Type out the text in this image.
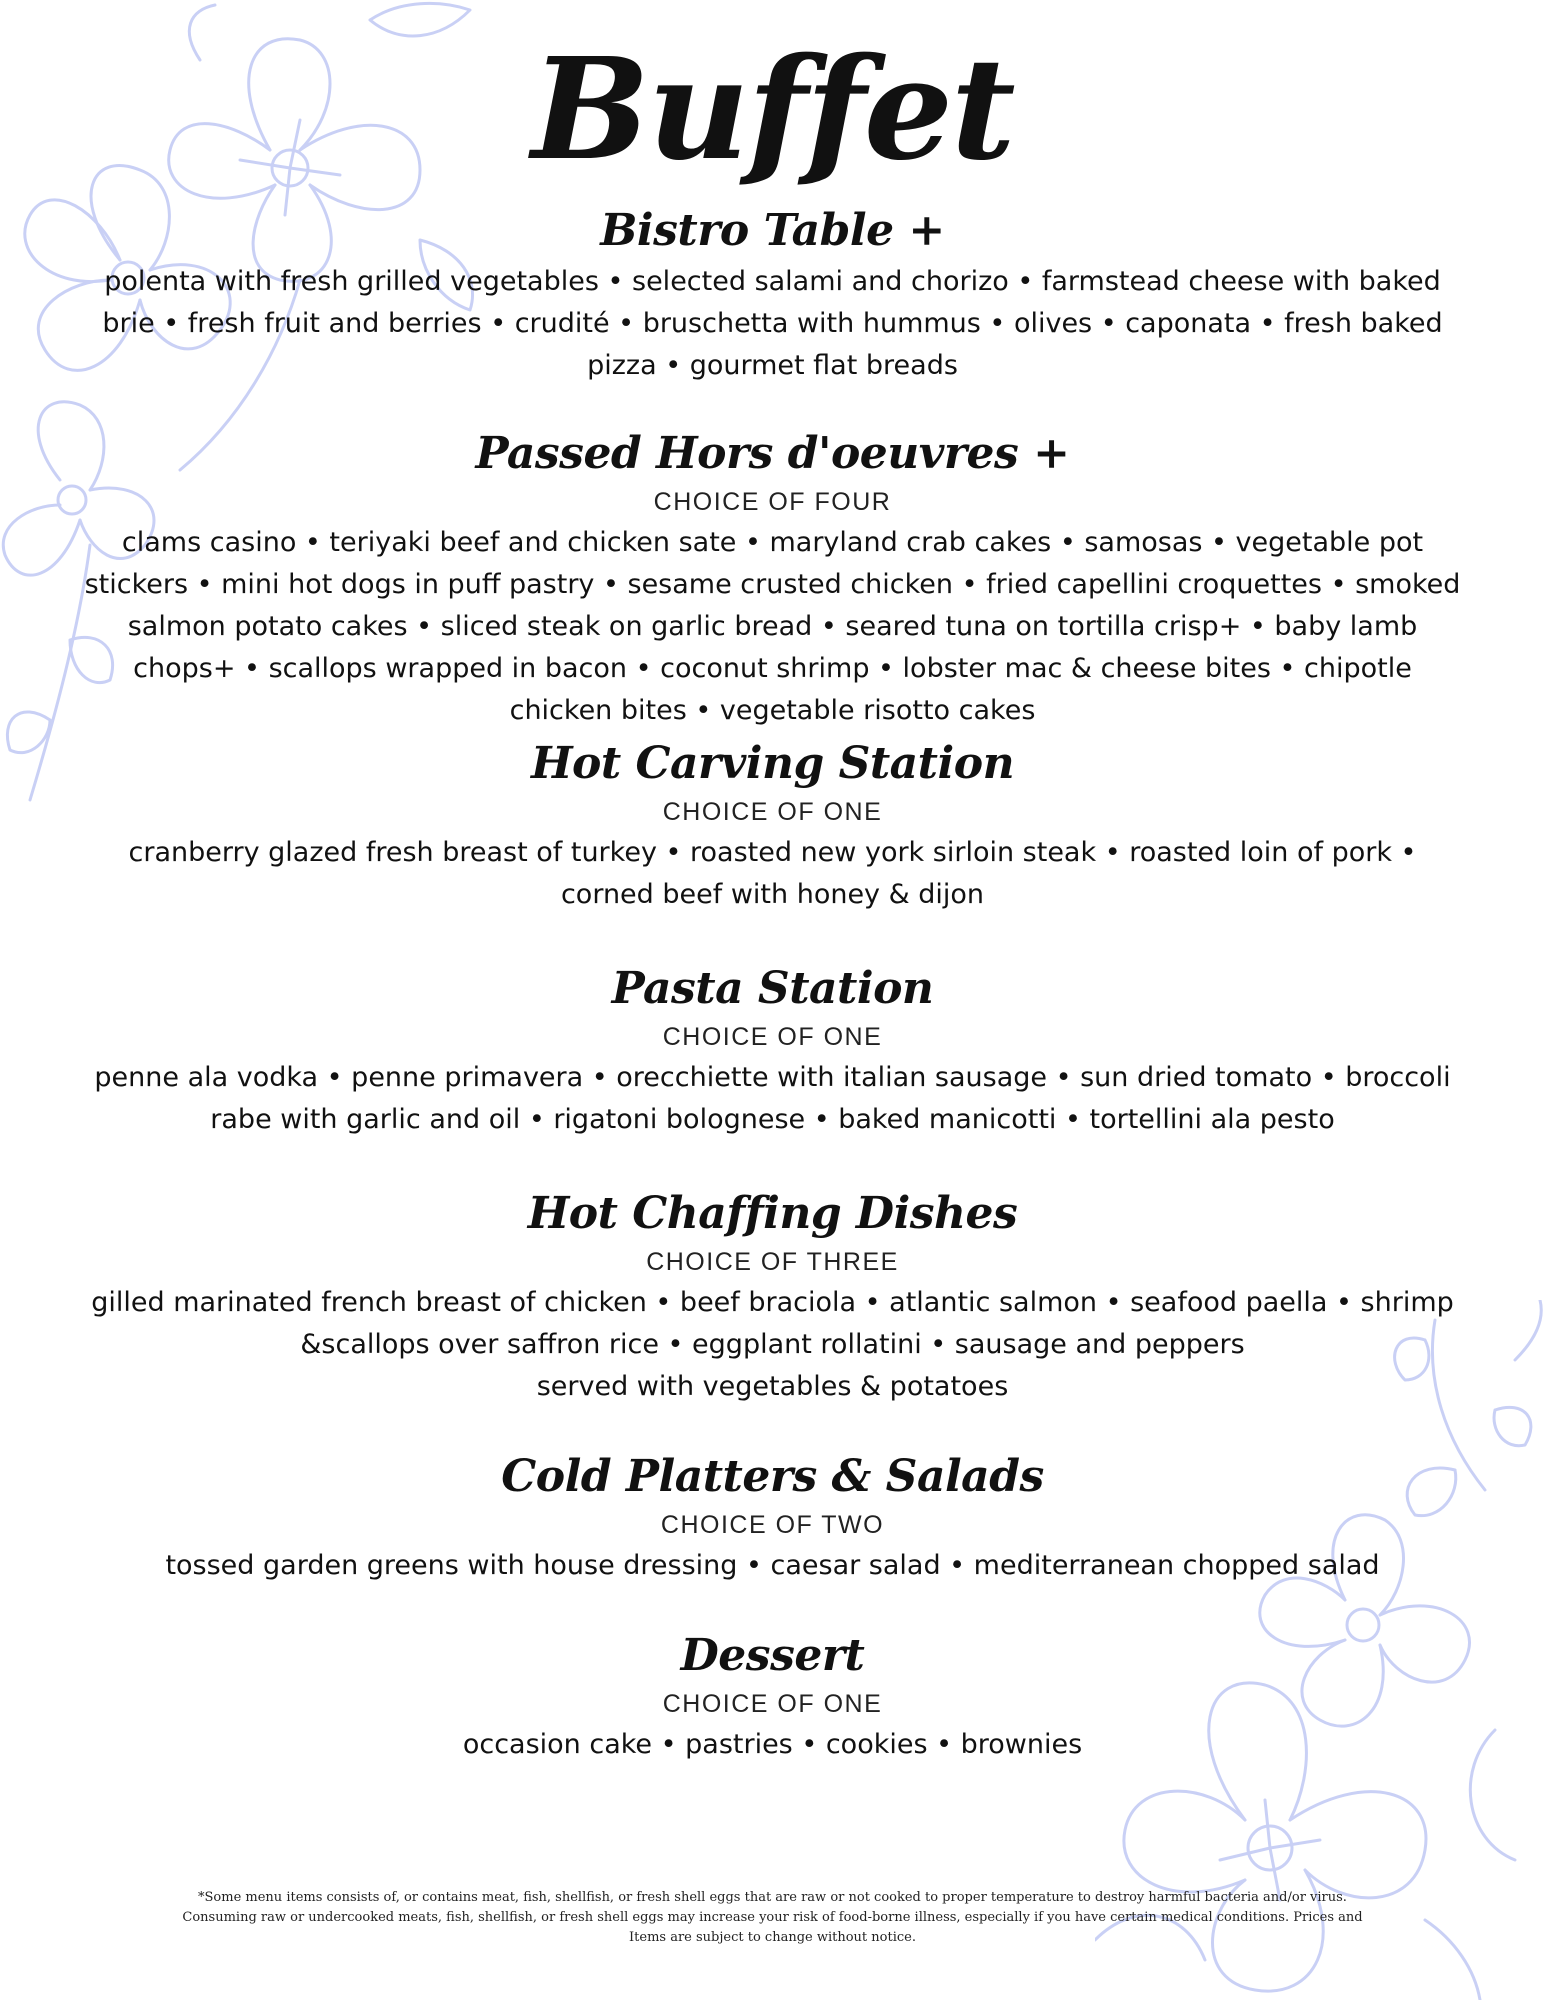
Buffet
Bistro Table +
polenta with fresh grilled vegetables • selected salami and chorizo • farmstead cheese with baked brie • fresh fruit and berries • crudité • bruschetta with hummus • olives • caponata • fresh baked pizza • gourmet flat breads
Passed Hors d'oeuvres +
CHOICE OF FOUR
clams casino • teriyaki beef and chicken sate • maryland crab cakes • samosas • vegetable pot stickers • mini hot dogs in puff pastry • sesame crusted chicken • fried capellini croquettes • smoked salmon potato cakes • sliced steak on garlic bread • seared tuna on tortilla crisp+ • baby lamb chops+ • scallops wrapped in bacon • coconut shrimp • lobster mac & cheese bites • chipotle chicken bites • vegetable risotto cakes
Hot Carving Station
CHOICE OF ONE
cranberry glazed fresh breast of turkey • roasted new york sirloin steak • roasted loin of pork • corned beef with honey & dijon
Pasta Station
CHOICE OF ONE
penne ala vodka • penne primavera • orecchiette with italian sausage • sun dried tomato • broccoli rabe with garlic and oil • rigatoni bolognese • baked manicotti • tortellini ala pesto
Hot Chaffing Dishes
CHOICE OF THREE
gilled marinated french breast of chicken • beef braciola • atlantic salmon • seafood paella • shrimp &scallops over saffron rice • eggplant rollatini • sausage and peppers
served with vegetables & potatoes
Cold Platters & Salads
CHOICE OF TWO
tossed garden greens with house dressing • caesar salad • mediterranean chopped salad
Dessert
CHOICE OF ONE
occasion cake • pastries • cookies • brownies
*Some menu items consists of, or contains meat, fish, shellfish, or fresh shell eggs that are raw or not cooked to proper temperature to destroy harmful bacteria and/or virus. Consuming raw or undercooked meats, fish, shellfish, or fresh shell eggs may increase your risk of food-borne illness, especially if you have certain medical conditions. Prices and Items are subject to change without notice.
